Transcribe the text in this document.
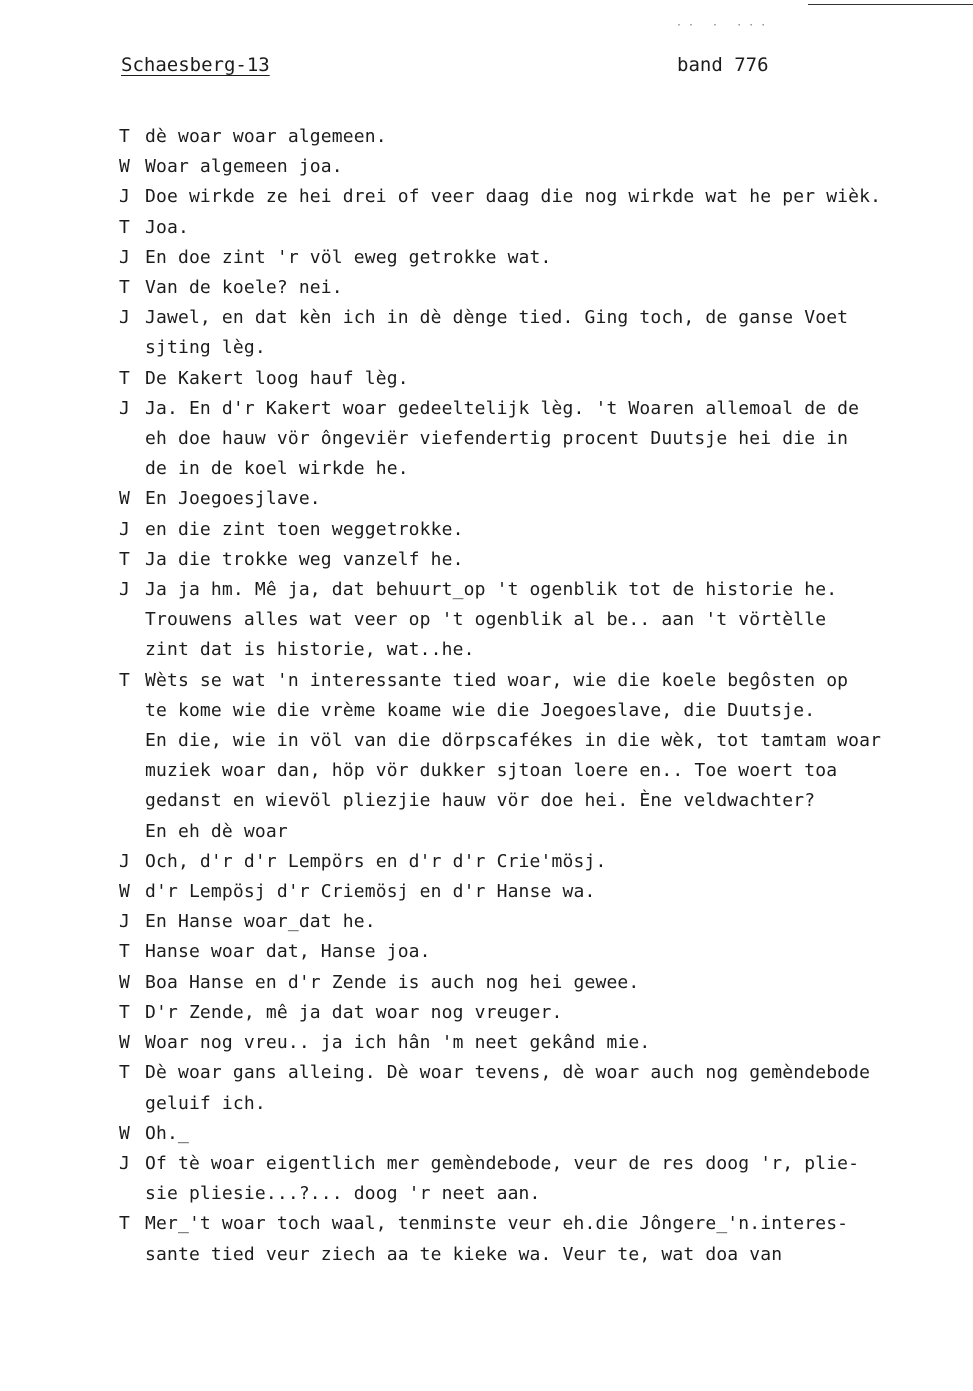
·· · ···
Schaesberg-13	band 776
T dè woar woar algemeen.
W Woar algemeen joa.
J Doe wirkde ze hei drei of veer daag die nog wirkde wat he per wièk.
T Joa.
J En doe zint 'r völ eweg getrokke wat.
T Van de koele? nei.
J Jawel, en dat kèn ich in dè dènge tied. Ging toch, de ganse Voet
sjting lèg.
T De Kakert loog hauf lèg.
J Ja. En d'r Kakert woar gedeeltelijk lèg. 't Woaren allemoal de de
eh doe hauw vör ôngeviër viefendertig procent Duutsje hei die in
de in de koel wirkde he.
W En Joegoesjlave.
J en die zint toen weggetrokke.
T Ja die trokke weg vanzelf he.
J Ja ja hm. Mê ja, dat behuurt_op 't ogenblik tot de historie he.
Trouwens alles wat veer op 't ogenblik al be.. aan 't vörtèlle
zint dat is historie, wat..he.
T Wèts se wat 'n interessante tied woar, wie die koele begôsten op
te kome wie die vrème koame wie die Joegoeslave, die Duutsje.
En die, wie in völ van die dörpscafékes in die wèk, tot tamtam woar
muziek woar dan, höp vör dukker sjtoan loere en.. Toe woert toa
gedanst en wievöl pliezjie hauw vör doe hei. Ène veldwachter?
En eh dè woar
J Och, d'r d'r Lempörs en d'r d'r Crie'mösj.
W d'r Lempösj d'r Criemösj en d'r Hanse wa.
J En Hanse woar_dat he.
T Hanse woar dat, Hanse joa.
W Boa Hanse en d'r Zende is auch nog hei gewee.
T D'r Zende, mê ja dat woar nog vreuger.
W Woar nog vreu.. ja ich hân 'm neet gekând mie.
T Dè woar gans alleing. Dè woar tevens, dè woar auch nog gemèndebode
geluif ich.
W Oh._
J Of tè woar eigentlich mer gemèndebode, veur de res doog 'r, plie-
sie pliesie...?... doog 'r neet aan.
T Mer_'t woar toch waal, tenminste veur eh.die Jôngere_'n.interes-
sante tied veur ziech aa te kieke wa. Veur te, wat doa van
